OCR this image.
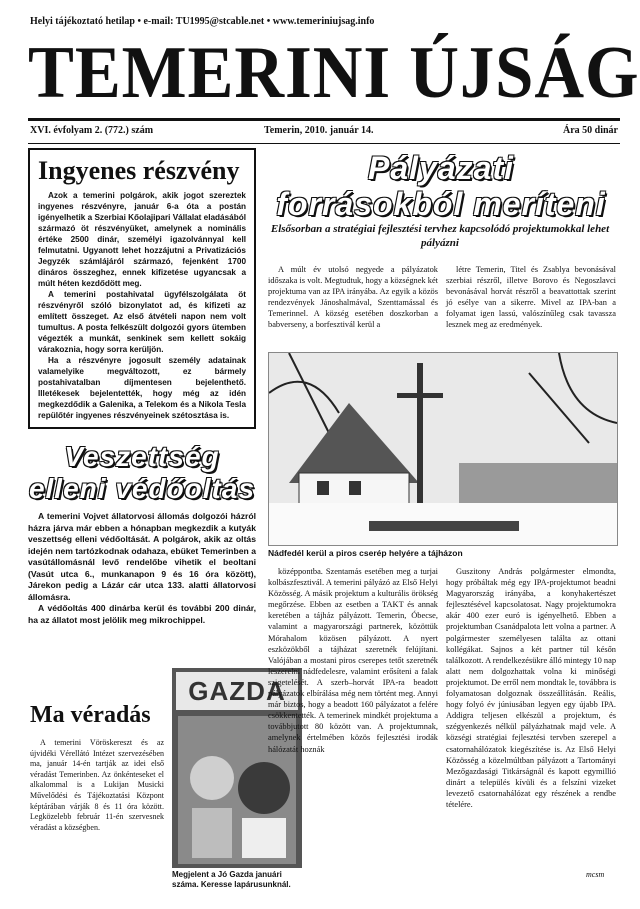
Helyi tájékoztató hetilap • e-mail: TU1995@stcable.net • www.temeriniujsag.info
TEMERINI ÚJSÁG
XVI. évfolyam 2. (772.) szám	Temerin, 2010. január 14.	Ára 50 dinár
Ingyenes részvény

Azok a temerini polgárok, akik jogot szereztek ingyenes részvényre, január 6-a óta a postán igényelhetik a Szerbiai Kőolajipari Vállalat eladásából származó öt részvényüket, amelynek a nominális értéke 2500 dinár, személyi igazolvánnyal kell felmutatni. Ugyanott lehet hozzájutni a Privatizációs Jegyzék számlájáról származó, fejenként 1700 dináros összeghez, ennek kifizetése ugyancsak a múlt héten kezdődött meg.

A temerini postahivatal ügyfélszolgálata öt részvényről szóló bizonylatot ad, és kifizeti az említett összeget. Az első átvételi napon nem volt tumultus. A posta felkészült dolgozói gyors ütemben végezték a munkát, senkinek sem kellett sokáig várakoznia, hogy sorra kerüljön.

Ha a részvényre jogosult személy adatainak valamelyike megváltozott, ez bármely postahivatalban díjmentesen bejelenthető. Illetékesek bejelentették, hogy még az idén megkezdődik a Galenika, a Telekom és a Nikola Tesla repülőtér ingyenes részvényeinek szétosztása is.

Veszettség
elleni védőoltás

A temerini Vojvet állatorvosi állomás dolgozói házról házra járva már ebben a hónapban megkezdik a kutyák veszettség elleni védőoltását. A polgárok, akik az oltás idején nem tartózkodnak odahaza, ebüket Temerinben a vasútállomásnál levő rendelőbe vihetik el beoltani (Vasút utca 6., munkanapon 9 és 16 óra között), Járekon pedig a Lázár cár utca 133. alatti állatorvosi állomásra.

A védőoltás 400 dinárba kerül és további 200 dinár, ha az állatot most jelölik meg mikrochippel.

Ma véradás

A temerini Vöröskereszt és az újvidéki Vérellátó Intézet szervezésében ma, január 14-én tartják az idei első véradást Temerinben. Az önkénteseket el alkalommal is a Lukijan Musicki Művelődési és Tájékoztatási Központ képtárában várják 8 és 11 óra között. Legközelebb február 11-én szervesnek véradást a községben.

GAZDA
Megjelent a Jó Gazda januári száma. Keresse lapárusunknál.
Pályázati
forrásokból meríteni
Elsősorban a stratégiai fejlesztési tervhez kapcsolódó projektumokkal lehet pályázni

A múlt év utolsó negyede a pályázatok időszaka is volt. Megtudtuk, hogy a községnek két projektuma van az IPA irányába. Az egyik a közös rendezvények Jánoshalmával, Szenttamással és Temerinnel. A község esetében doszkorban a babverseny, a borfesztivál kerül a

létre Temerin, Titel és Zsablya bevonásával szerbiai részről, illetve Borovo és Negoszlavci bevonásával horvát részről a beavattottak szerint jó esélye van a sikerre. Mivel az IPA-ban a folyamat igen lassú, valószínűleg csak tavassza lesznek meg az eredmények.

Nádfedél kerül a piros cserép helyére a tájházon

középpontba. Szentamás esetében meg a turjai kolbászfesztivál. A temerini pályázó az Első Helyi Közösség. A másik projektum a kulturális örökség megőrzése. Ebben az esetben a TAKT és annak keretében a tájház pályázott. Temerin, Óbecse, valamint a magyarországi partnerek, közöttük Mórahalom közösen pályázott. A nyert eszközökből a tájházat szeretnék felújítani. Valójában a mostani piros cserepes tetőt szeretnék leszerelni nádfedelesre, valamint erősíteni a falak szigetelését. A szerb–horvát IPA-ra beadott pályázatok elbírálása még nem történt meg. Annyi már biztos, hogy a beadott 160 pályázatot a felére csökkentették. A temerinek mindkét projektuma a továbbjutott 80 között van. A projektumnak, amelynek értelmében közös fejlesztési irodák hálózatát hoznák

Guszitony András polgármester elmondta, hogy próbáltak még egy IPA-projektumot beadni Magyarország irányába, a konyhakertészet fejlesztésével kapcsolatosat. Nagy projektumokra akár 400 ezer euró is igényelhető. Ebben a projektumban Csanádpalota lett volna a partner. A polgármester személyesen találta az ottani kollégákat. Sajnos a két partner túl későn találkozott. A rendelkezésükre álló mintegy 10 nap alatt nem dolgozhattak volna ki minőségi projektumot. De erről nem mondtak le, továbbra is folyamatosan dolgoznak összeállításán. Reális, hogy folyó év júniusában legyen egy újabb IPA. Addigra teljesen elkészül a projektum, és szégyenkezés nélkül pályázhatnak majd vele. A községi stratégiai fejlesztési tervben szerepel a csatornahálózatok kiegészítése is. Az Első Helyi Közösség a közelmúltban pályázott a Tartományi Mezőgazdasági Titkárságnál és kapott egymillió dinárt a település kívüli és a felszíni vizeket levezető csatornahálózat egy részének a rendbe tételére.

mcsm
